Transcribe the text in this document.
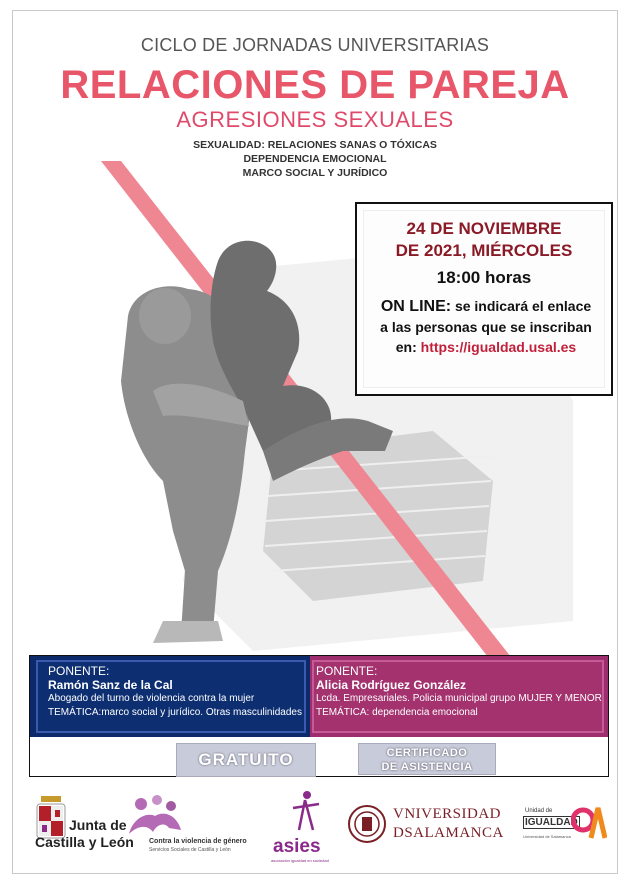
CICLO DE JORNADAS UNIVERSITARIAS
RELACIONES DE PAREJA
AGRESIONES SEXUALES
SEXUALIDAD: RELACIONES SANAS O TÓXICAS
DEPENDENCIA EMOCIONAL
MARCO SOCIAL Y JURÍDICO
24 DE NOVIEMBRE
DE 2021, MIÉRCOLES
18:00 horas
ON LINE: se indicará el enlace
a las personas que se inscriban
en: https://igualdad.usal.es
PONENTE:
Ramón Sanz de la Cal
Abogado del turno de violencia contra la mujer
TEMÁTICA:marco social y jurídico. Otras masculinidades
PONENTE:
Alicia Rodríguez González
Lcda. Empresariales. Policia municipal grupo MUJER Y MENOR
TEMÁTICA: dependencia emocional
GRATUITO	CERTIFICADO
DE ASISTENCIA
Junta de
Castilla y León Contra la violencia de género
Servicios Sociales de Castilla y León asies
asociación igualdad en sociedad
VNIVERSIDAD
DSALAMANCA
Unidad de
IGUALDAD
Universidad de Salamanca
